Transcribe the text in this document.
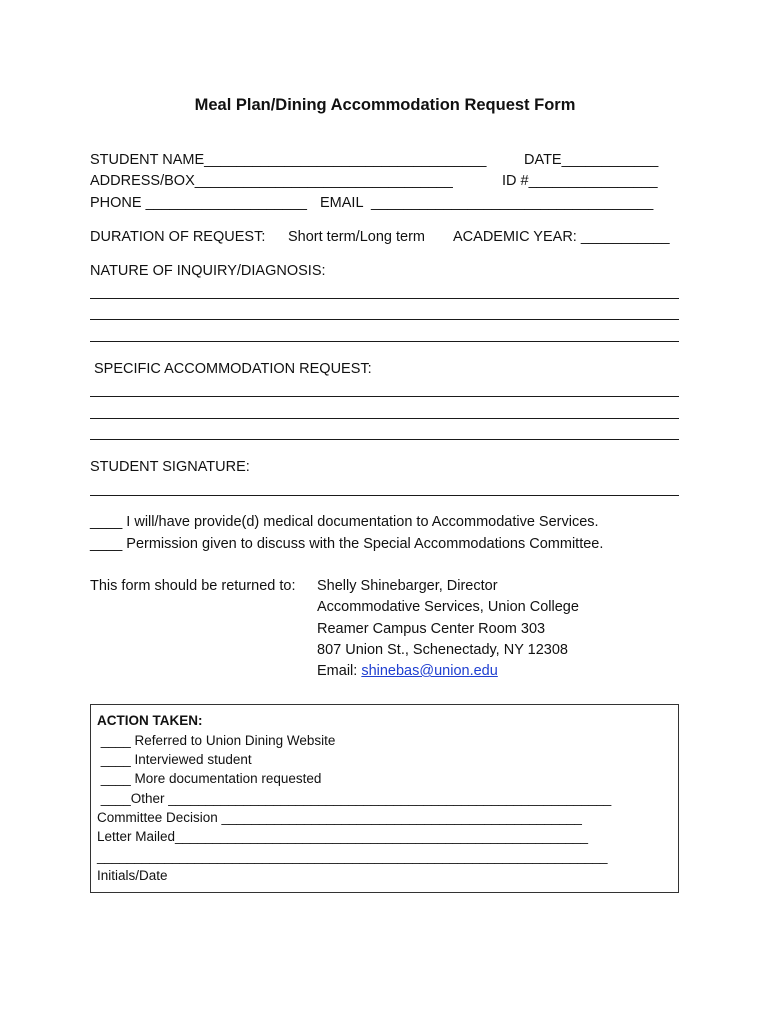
Meal Plan/Dining Accommodation Request Form
STUDENT NAME___________________________________	DATE____________
ADDRESS/BOX________________________________	ID #________________
PHONE ____________________ EMAIL  ___________________________________
DURATION OF REQUEST: Short term/Long term ACADEMIC YEAR: ___________
NATURE OF INQUIRY/DIAGNOSIS:
SPECIFIC ACCOMMODATION REQUEST:
STUDENT SIGNATURE:
____ I will/have provide(d) medical documentation to Accommodative Services.
____ Permission given to discuss with the Special Accommodations Committee.
This form should be returned to: Shelly Shinebarger, Director
Accommodative Services, Union College
Reamer Campus Center Room 303
807 Union St., Schenectady, NY 12308
Email: shinebas@union.edu
ACTION TAKEN:
____ Referred to Union Dining Website
____ Interviewed student
____ More documentation requested
____Other ___________________________________________________________
Committee Decision ________________________________________________
Letter Mailed_______________________________________________________
____________________________________________________________________
Initials/Date
